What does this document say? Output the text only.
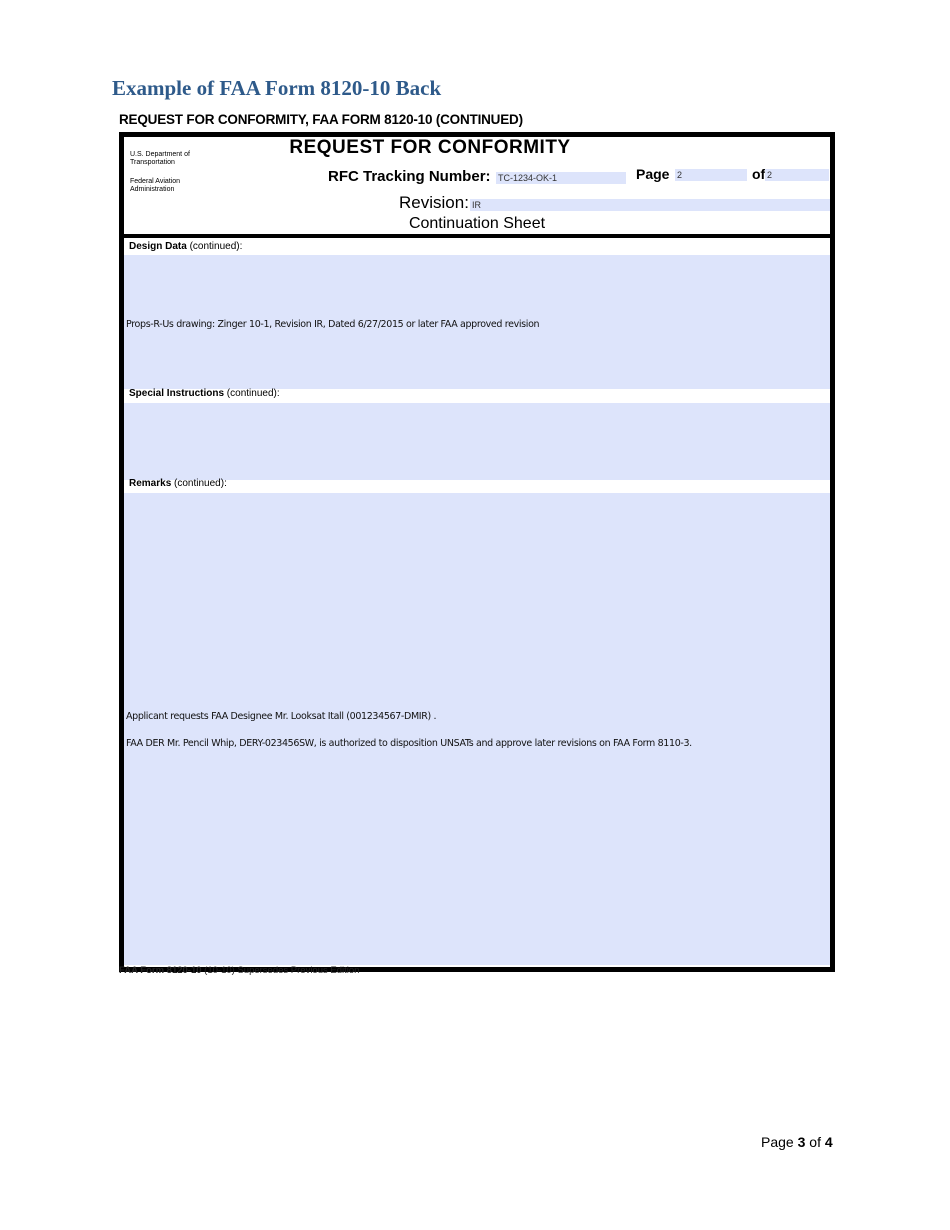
Example of FAA Form 8120-10 Back
REQUEST FOR CONFORMITY, FAA FORM 8120-10 (CONTINUED)
U.S. Department of Transportation
Federal Aviation Administration
REQUEST FOR CONFORMITY
RFC Tracking Number: TC-1234-OK-1	Page 2	of 2
Revision: IR
Continuation Sheet
Design Data (continued):
Props-R-Us drawing: Zinger 10-1, Revision IR, Dated 6/27/2015 or later FAA approved revision
Special Instructions (continued):
Remarks (continued):
Applicant requests FAA Designee Mr. Looksat Itall (001234567-DMIR) .
FAA DER Mr. Pencil Whip, DERY-023456SW, is authorized to disposition UNSATs and approve later revisions on FAA Form 8110-3.
FAA Form 8120-10 (10-10) Supersedes Previous Edition
Page 3 of 4
